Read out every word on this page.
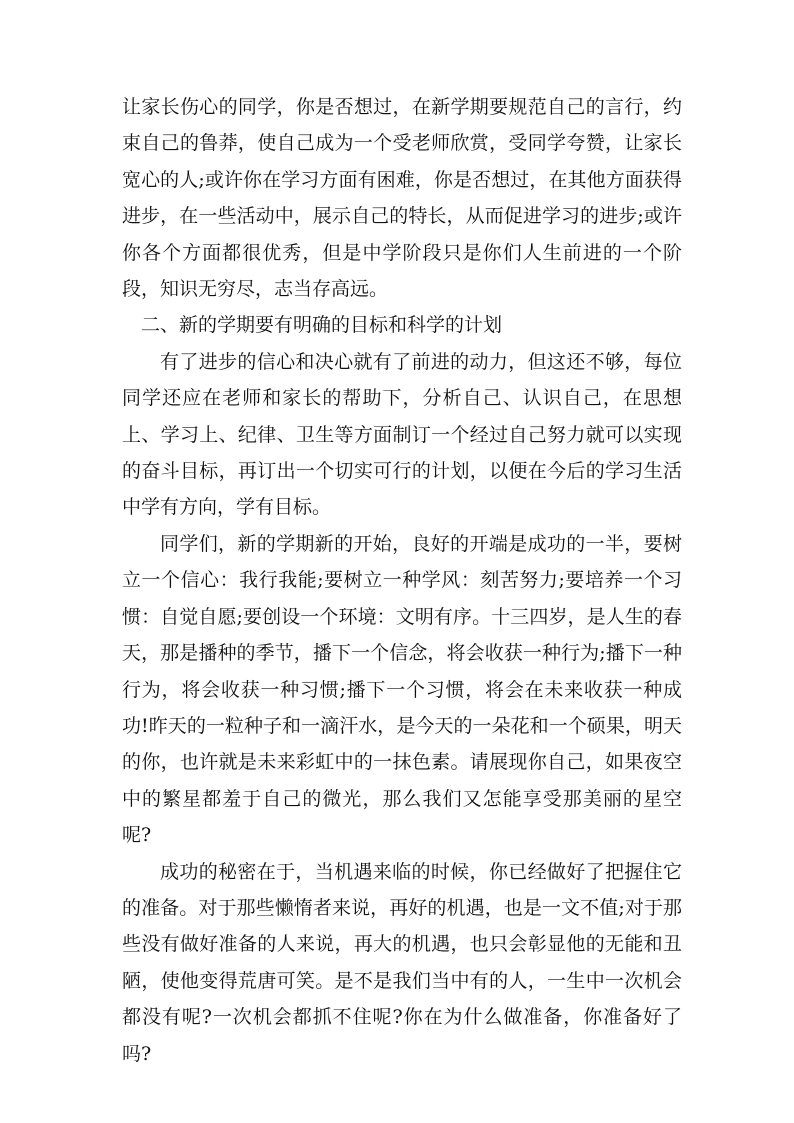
让家长伤心的同学，你是否想过，在新学期要规范自己的言行，约束自己的鲁莽，使自己成为一个受老师欣赏，受同学夸赞，让家长宽心的人;或许你在学习方面有困难，你是否想过，在其他方面获得进步，在一些活动中，展示自己的特长，从而促进学习的进步;或许你各个方面都很优秀，但是中学阶段只是你们人生前进的一个阶段，知识无穷尽，志当存高远。

二、新的学期要有明确的目标和科学的计划

有了进步的信心和决心就有了前进的动力，但这还不够，每位同学还应在老师和家长的帮助下，分析自己、认识自己，在思想上、学习上、纪律、卫生等方面制订一个经过自己努力就可以实现的奋斗目标，再订出一个切实可行的计划，以便在今后的学习生活中学有方向，学有目标。

同学们，新的学期新的开始，良好的开端是成功的一半，要树立一个信心：我行我能;要树立一种学风：刻苦努力;要培养一个习惯：自觉自愿;要创设一个环境：文明有序。十三四岁，是人生的春天，那是播种的季节，播下一个信念，将会收获一种行为;播下一种行为，将会收获一种习惯;播下一个习惯，将会在未来收获一种成功!昨天的一粒种子和一滴汗水，是今天的一朵花和一个硕果，明天的你，也许就是未来彩虹中的一抹色素。请展现你自己，如果夜空中的繁星都羞于自己的微光，那么我们又怎能享受那美丽的星空呢?

成功的秘密在于，当机遇来临的时候，你已经做好了把握住它的准备。对于那些懒惰者来说，再好的机遇，也是一文不值;对于那些没有做好准备的人来说，再大的机遇，也只会彰显他的无能和丑陋，使他变得荒唐可笑。是不是我们当中有的人，一生中一次机会都没有呢?一次机会都抓不住呢?你在为什么做准备，你准备好了吗?
